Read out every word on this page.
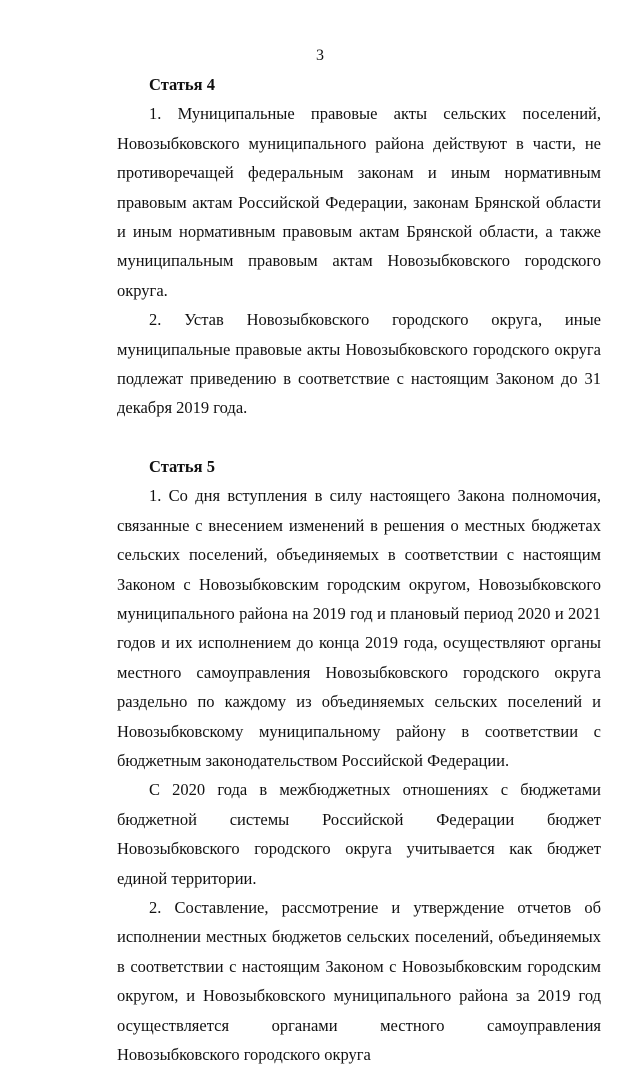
3

Статья 4

1. Муниципальные правовые акты сельских поселений, Новозыбковского муниципального района действуют в части, не противоречащей федеральным законам и иным нормативным правовым актам Российской Федерации, законам Брянской области и иным нормативным правовым актам Брянской области, а также муниципальным правовым актам Новозыбковского городского округа.

2. Устав Новозыбковского городского округа, иные муниципальные правовые акты Новозыбковского городского округа подлежат приведению в соответствие с настоящим Законом до 31 декабря 2019 года.

Статья 5

1. Со дня вступления в силу настоящего Закона полномочия, связанные с внесением изменений в решения о местных бюджетах сельских поселений, объединяемых в соответствии с настоящим Законом с Новозыбковским городским округом, Новозыбковского муниципального района на 2019 год и плановый период 2020 и 2021 годов и их исполнением до конца 2019 года, осуществляют органы местного самоуправления Новозыбковского городского округа раздельно по каждому из объединяемых сельских поселений и Новозыбковскому муниципальному району в соответствии с бюджетным законодательством Российской Федерации.

С 2020 года в межбюджетных отношениях с бюджетами бюджетной системы Российской Федерации бюджет Новозыбковского городского округа учитывается как бюджет единой территории.

2. Составление, рассмотрение и утверждение отчетов об исполнении местных бюджетов сельских поселений, объединяемых в соответствии с настоящим Законом с Новозыбковским городским округом, и Новозыбковского муниципального района за 2019 год осуществляется органами местного самоуправления Новозыбковского городского округа
